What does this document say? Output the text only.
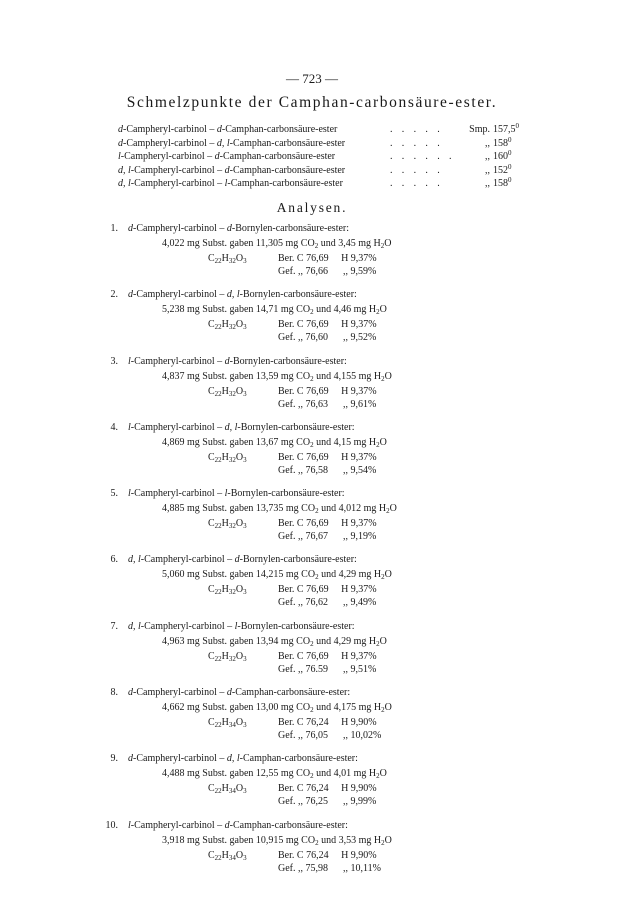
— 723 —
Schmelzpunkte der Camphan-carbonsäure-ester.
d-Campheryl-carbinol – d-Camphan-carbonsäure-ester	. . . . .	Smp. 157,5$^0$
d-Campheryl-carbinol – d, l-Camphan-carbonsäure-ester	. . . . .	,, $158^0$
l-Campheryl-carbinol – d-Camphan-carbonsäure-ester	. . . . . .	,, $160^0$
d, l-Campheryl-carbinol – d-Camphan-carbonsäure-ester	. . . . .	,, $152^0$
d, l-Campheryl-carbinol – l-Camphan-carbonsäure-ester	. . . . .	,, $158^0$
Analysen.
1. d-Campheryl-carbinol – d-Bornylen-carbonsäure-ester:
4,022 mg Subst. gaben 11,305 mg $CO_2$ und 3,45 mg $H_2O$
$C_{22}H_{32}O_3$	Ber. C 76,69  H 9,37%
Gef. ,, 76,66   ,, 9,59%
2. d-Campheryl-carbinol – d, l-Bornylen-carbonsäure-ester:
5,238 mg Subst. gaben 14,71 mg $CO_2$ und 4,46 mg $H_2O$
$C_{22}H_{32}O_3$	Ber. C 76,69  H 9,37%
Gef. ,, 76,60   ,, 9,52%
3. l-Campheryl-carbinol – d-Bornylen-carbonsäure-ester:
4,837 mg Subst. gaben 13,59 mg $CO_2$ und 4,155 mg $H_2O$
$C_{22}H_{32}O_3$	Ber. C 76,69  H 9,37%
Gef. ,, 76,63   ,, 9,61%
4. l-Campheryl-carbinol – d, l-Bornylen-carbonsäure-ester:
4,869 mg Subst. gaben 13,67 mg $CO_2$ und 4,15 mg $H_2O$
$C_{22}H_{32}O_3$	Ber. C 76,69  H 9,37%
Gef. ,, 76,58   ,, 9,54%
5. l-Campheryl-carbinol – l-Bornylen-carbonsäure-ester:
4,885 mg Subst. gaben 13,735 mg $CO_2$ und 4,012 mg $H_2O$
$C_{22}H_{32}O_3$	Ber. C 76,69  H 9,37%
Gef. ,, 76,67   ,, 9,19%
6. d, l-Campheryl-carbinol – d-Bornylen-carbonsäure-ester:
5,060 mg Subst. gaben 14,215 mg $CO_2$ und 4,29 mg $H_2O$
$C_{22}H_{32}O_3$	Ber. C 76,69  H 9,37%
Gef. ,, 76,62   ,, 9,49%
7. d, l-Campheryl-carbinol – l-Bornylen-carbonsäure-ester:
4,963 mg Subst. gaben 13,94 mg $CO_2$ und 4,29 mg $H_2O$
$C_{22}H_{32}O_3$	Ber. C 76,69  H 9,37%
Gef. ,, 76.59   ,, 9,51%
8. d-Campheryl-carbinol – d-Camphan-carbonsäure-ester:
4,662 mg Subst. gaben 13,00 mg $CO_2$ und 4,175 mg $H_2O$
$C_{22}H_{34}O_3$	Ber. C 76,24  H 9,90%
Gef. ,, 76,05   ,, 10,02%
9. d-Campheryl-carbinol – d, l-Camphan-carbonsäure-ester:
4,488 mg Subst. gaben 12,55 mg $CO_2$ und 4,01 mg $H_2O$
$C_{22}H_{34}O_3$	Ber. C 76,24  H 9,90%
Gef. ,, 76,25   ,, 9,99%
10. l-Campheryl-carbinol – d-Camphan-carbonsäure-ester:
3,918 mg Subst. gaben 10,915 mg $CO_2$ und 3,53 mg $H_2O$
$C_{22}H_{34}O_3$	Ber. C 76,24  H 9,90%
Gef. ,, 75,98   ,, 10,11%
